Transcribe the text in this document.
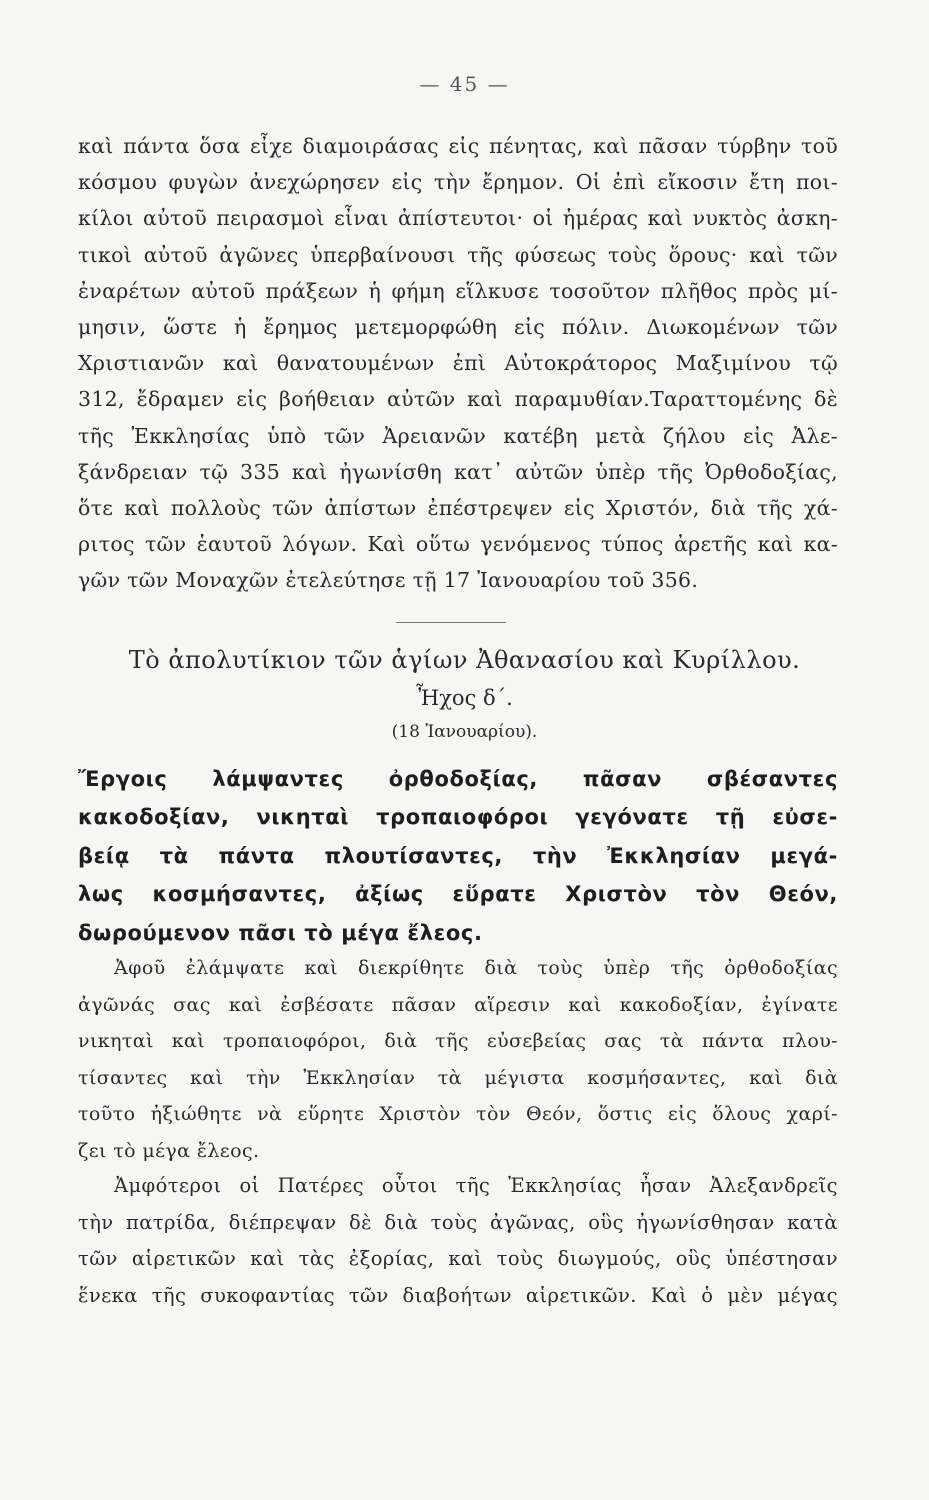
— 45 —
καὶ πάντα ὅσα εἶχε διαμοιράσας εἰς πένητας, καὶ πᾶσαν τύρβην τοῦ
κόσμου φυγὼν ἀνεχώρησεν εἰς τὴν ἔρημον. Οἱ ἐπὶ εἴκοσιν ἔτη ποι-
κίλοι αὐτοῦ πειρασμοὶ εἶναι ἀπίστευτοι· οἱ ἡμέρας καὶ νυκτὸς ἀσκη-
τικοὶ αὐτοῦ ἀγῶνες ὑπερβαίνουσι τῆς φύσεως τοὺς ὅρους· καὶ τῶν
ἐναρέτων αὐτοῦ πράξεων ἡ φήμη εἵλκυσε τοσοῦτον πλῆθος πρὸς μί-
μησιν, ὥστε ἡ ἔρημος μετεμορφώθη εἰς πόλιν. Διωκομένων τῶν
Χριστιανῶν καὶ θανατουμένων ἐπὶ Αὐτοκράτορος Μαξιμίνου τῷ
312, ἔδραμεν εἰς βοήθειαν αὐτῶν καὶ παραμυθίαν.Ταραττομένης δὲ
τῆς Ἐκκλησίας ὑπὸ τῶν Ἀρειανῶν κατέβη μετὰ ζήλου εἰς Ἀλε-
ξάνδρειαν τῷ 335 καὶ ἠγωνίσθη κατ᾽ αὐτῶν ὑπὲρ τῆς Ὀρθοδοξίας,
ὅτε καὶ πολλοὺς τῶν ἀπίστων ἐπέστρεψεν εἰς Χριστόν, διὰ τῆς χά-
ριτος τῶν ἑαυτοῦ λόγων. Καὶ οὕτω γενόμενος τύπος ἀρετῆς καὶ κα-
γῶν τῶν Μοναχῶν ἐτελεύτησε τῇ 17 Ἰανουαρίου τοῦ 356.
Τὸ ἀπολυτίκιον τῶν ἁγίων Ἀθανασίου καὶ Κυρίλλου.
Ἦχος δ΄.
(18 Ἰανουαρίου).
Ἔργοις λάμψαντες ὀρθοδοξίας, πᾶσαν σβέσαντες
κακοδοξίαν, νικηταὶ τροπαιοφόροι γεγόνατε τῇ εὐσε-
βείᾳ τὰ πάντα πλουτίσαντες, τὴν Ἐκκλησίαν μεγά-
λως κοσμήσαντες, ἀξίως εὕρατε Χριστὸν τὸν Θεόν,
δωρούμενον πᾶσι τὸ μέγα ἔλεος.
Ἀφοῦ ἐλάμψατε καὶ διεκρίθητε διὰ τοὺς ὑπὲρ τῆς ὀρθοδοξίας
ἀγῶνάς σας καὶ ἐσβέσατε πᾶσαν αἵρεσιν καὶ κακοδοξίαν, ἐγίνατε
νικηταὶ καὶ τροπαιοφόροι, διὰ τῆς εὐσεβείας σας τὰ πάντα πλου-
τίσαντες καὶ τὴν Ἐκκλησίαν τὰ μέγιστα κοσμήσαντες, καὶ διὰ
τοῦτο ἠξιώθητε νὰ εὕρητε Χριστὸν τὸν Θεόν, ὅστις εἰς ὅλους χαρί-
ζει τὸ μέγα ἔλεος.
Ἀμφότεροι οἱ Πατέρες οὗτοι τῆς Ἐκκλησίας ἦσαν Ἀλεξανδρεῖς
τὴν πατρίδα, διέπρεψαν δὲ διὰ τοὺς ἀγῶνας, οὓς ἠγωνίσθησαν κατὰ
τῶν αἱρετικῶν καὶ τὰς ἐξορίας, καὶ τοὺς διωγμούς, οὓς ὑπέστησαν
ἕνεκα τῆς συκοφαντίας τῶν διαβοήτων αἱρετικῶν. Καὶ ὁ μὲν μέγας
